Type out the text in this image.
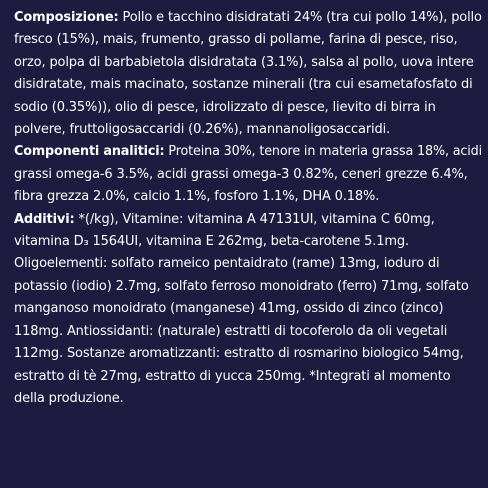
Composizione: Pollo e tacchino disidratati 24% (tra cui pollo 14%), pollo
fresco (15%), mais, frumento, grasso di pollame, farina di pesce, riso,
orzo, polpa di barbabietola disidratata (3.1%), salsa al pollo, uova intere
disidratate, mais macinato, sostanze minerali (tra cui esametafosfato di
sodio (0.35%)), olio di pesce, idrolizzato di pesce, lievito di birra in
polvere, fruttoligosaccaridi (0.26%), mannanoligosaccaridi.
Componenti analitici: Proteina 30%, tenore in materia grassa 18%, acidi
grassi omega-6 3.5%, acidi grassi omega-3 0.82%, ceneri grezze 6.4%,
fibra grezza 2.0%, calcio 1.1%, fosforo 1.1%, DHA 0.18%.
Additivi: *(/kg), Vitamine: vitamina A 47131UI, vitamina C 60mg,
vitamina D₃ 1564UI, vitamina E 262mg, beta-carotene 5.1mg.
Oligoelementi: solfato rameico pentaidrato (rame) 13mg, ioduro di
potassio (iodio) 2.7mg, solfato ferroso monoidrato (ferro) 71mg, solfato
manganoso monoidrato (manganese) 41mg, ossido di zinco (zinco)
118mg. Antiossidanti: (naturale) estratti di tocoferolo da oli vegetali
112mg. Sostanze aromatizzanti: estratto di rosmarino biologico 54mg,
estratto di tè 27mg, estratto di yucca 250mg. *Integrati al momento
della produzione.
